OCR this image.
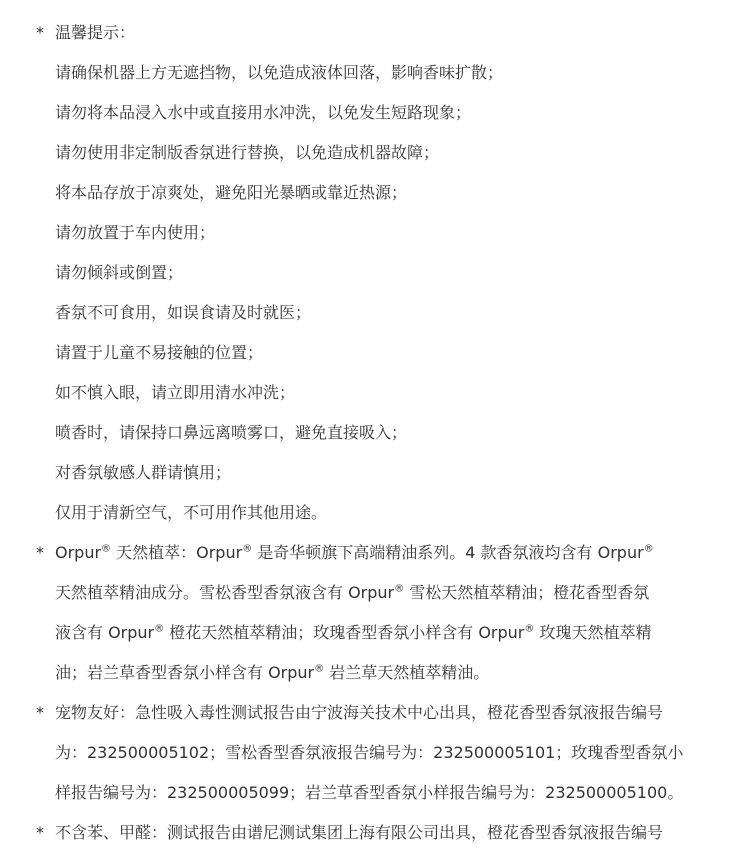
* 温馨提示：
请确保机器上方无遮挡物，以免造成液体回落，影响香味扩散；
请勿将本品浸入水中或直接用水冲洗，以免发生短路现象；
请勿使用非定制版香氛进行替换，以免造成机器故障；
将本品存放于凉爽处，避免阳光暴晒或靠近热源；
请勿放置于车内使用；
请勿倾斜或倒置；
香氛不可食用，如误食请及时就医；
请置于儿童不易接触的位置；
如不慎入眼，请立即用清水冲洗；
喷香时，请保持口鼻远离喷雾口，避免直接吸入；
对香氛敏感人群请慎用；
仅用于清新空气，不可用作其他用途。
* Orpur® 天然植萃：Orpur® 是奇华顿旗下高端精油系列。4 款香氛液均含有 Orpur®
天然植萃精油成分。雪松香型香氛液含有 Orpur® 雪松天然植萃精油；橙花香型香氛
液含有 Orpur® 橙花天然植萃精油；玫瑰香型香氛小样含有 Orpur® 玫瑰天然植萃精
油；岩兰草香型香氛小样含有 Orpur® 岩兰草天然植萃精油。
* 宠物友好：急性吸入毒性测试报告由宁波海关技术中心出具，橙花香型香氛液报告编号
为：232500005102；雪松香型香氛液报告编号为：232500005101；玫瑰香型香氛小
样报告编号为：232500005099；岩兰草香型香氛小样报告编号为：232500005100。
* 不含苯、甲醛：测试报告由谱尼测试集团上海有限公司出具，橙花香型香氛液报告编号
